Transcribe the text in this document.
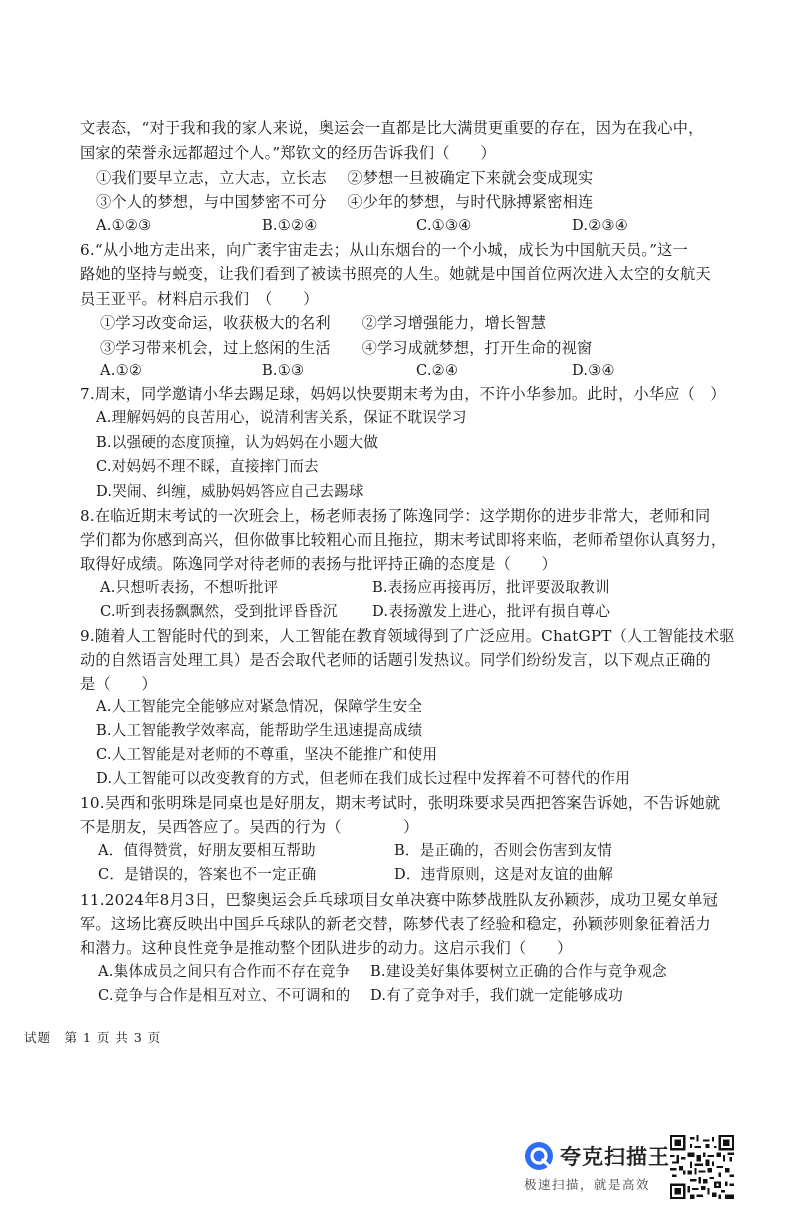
文表态，“对于我和我的家人来说，奥运会一直都是比大满贯更重要的存在，因为在我心中，
国家的荣誉永远都超过个人。”郑钦文的经历告诉我们（　　）
①我们要早立志，立大志，立长志　 ②梦想一旦被确定下来就会变成现实
③个人的梦想，与中国梦密不可分　 ④少年的梦想，与时代脉搏紧密相连
A.①②③	B.①②④	C.①③④	D.②③④
6.“从小地方走出来，向广袤宇宙走去；从山东烟台的一个小城，成长为中国航天员。”这一
路她的坚持与蜕变，让我们看到了被读书照亮的人生。她就是中国首位两次进入太空的女航天
员王亚平。材料启示我们　（　　）
①学习改变命运，收获极大的名利　　②学习增强能力，增长智慧
③学习带来机会，过上悠闲的生活　　④学习成就梦想，打开生命的视窗
A.①②	B.①③	C.②④	D.③④
7.周末，同学邀请小华去踢足球，妈妈以快要期末考为由，不许小华参加。此时，小华应（　）
A.理解妈妈的良苦用心，说清利害关系，保证不耽误学习
B.以强硬的态度顶撞，认为妈妈在小题大做
C.对妈妈不理不睬，直接摔门而去
D.哭闹、纠缠，威胁妈妈答应自己去踢球
8.在临近期末考试的一次班会上，杨老师表扬了陈逸同学：这学期你的进步非常大，老师和同
学们都为你感到高兴，但你做事比较粗心而且拖拉，期末考试即将来临，老师希望你认真努力，
取得好成绩。陈逸同学对待老师的表扬与批评持正确的态度是（　　）
A.只想听表扬，不想听批评	B.表扬应再接再厉，批评要汲取教训
C.听到表扬飘飘然，受到批评昏昏沉 D.表扬激发上进心，批评有损自尊心
9.随着人工智能时代的到来，人工智能在教育领域得到了广泛应用。ChatGPT（人工智能技术驱
动的自然语言处理工具）是否会取代老师的话题引发热议。同学们纷纷发言，以下观点正确的
是（　　）
A.人工智能完全能够应对紧急情况，保障学生安全
B.人工智能教学效率高，能帮助学生迅速提高成绩
C.人工智能是对老师的不尊重，坚决不能推广和使用
D.人工智能可以改变教育的方式，但老师在我们成长过程中发挥着不可替代的作用
10.吴西和张明珠是同桌也是好朋友，期末考试时，张明珠要求吴西把答案告诉她，不告诉她就
不是朋友，吴西答应了。吴西的行为（　　　　）
A．值得赞赏，好朋友要相互帮助	B．是正确的，否则会伤害到友情
C．是错误的，答案也不一定正确	D．违背原则，这是对友谊的曲解
11.2024年8月3日，巴黎奥运会乒乓球项目女单决赛中陈梦战胜队友孙颖莎，成功卫冕女单冠
军。这场比赛反映出中国乒乓球队的新老交替，陈梦代表了经验和稳定，孙颖莎则象征着活力
和潜力。这种良性竞争是推动整个团队进步的动力。这启示我们（　　）
A.集体成员之间只有合作而不存在竞争 B.建设美好集体要树立正确的合作与竞争观念
C.竞争与合作是相互对立、不可调和的 D.有了竞争对手，我们就一定能够成功
试题　第 1 页 共 3 页
夸克扫描王
极速扫描，就是高效
